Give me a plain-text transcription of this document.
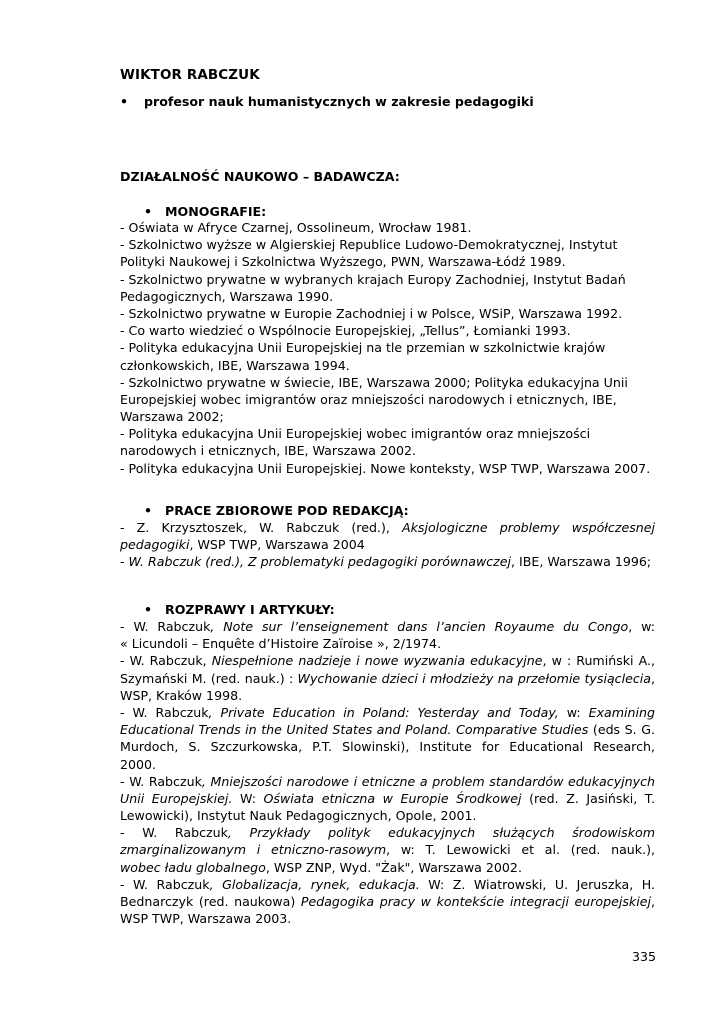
WIKTOR RABCZUK
• profesor nauk humanistycznych w zakresie pedagogiki
DZIAŁALNOŚĆ NAUKOWO – BADAWCZA:
• MONOGRAFIE:
- Oświata w Afryce Czarnej, Ossolineum, Wrocław 1981.
- Szkolnictwo wyższe w Algierskiej Republice Ludowo-Demokratycznej, Instytut
Polityki Naukowej i Szkolnictwa Wyższego, PWN, Warszawa-Łódź 1989.
- Szkolnictwo prywatne w wybranych krajach Europy Zachodniej, Instytut Badań
Pedagogicznych, Warszawa 1990.
- Szkolnictwo prywatne w Europie Zachodniej i w Polsce, WSiP, Warszawa 1992.
- Co warto wiedzieć o Wspólnocie Europejskiej, „Tellus”, Łomianki 1993.
- Polityka edukacyjna Unii Europejskiej na tle przemian w szkolnictwie krajów
członkowskich, IBE, Warszawa 1994.
- Szkolnictwo prywatne w świecie, IBE, Warszawa 2000; Polityka edukacyjna Unii
Europejskiej wobec imigrantów oraz mniejszości narodowych i etnicznych, IBE,
Warszawa 2002;
- Polityka edukacyjna Unii Europejskiej wobec imigrantów oraz mniejszości
narodowych i etnicznych, IBE, Warszawa 2002.
- Polityka edukacyjna Unii Europejskiej. Nowe konteksty, WSP TWP, Warszawa 2007.
• PRACE ZBIOROWE POD REDAKCJĄ:
- Z. Krzysztoszek, W. Rabczuk (red.), Aksjologiczne problemy współczesnej
pedagogiki, WSP TWP, Warszawa 2004
- W. Rabczuk (red.), Z problematyki pedagogiki porównawczej, IBE, Warszawa 1996;
• ROZPRAWY I ARTYKUŁY:
- W. Rabczuk, Note sur l’enseignement dans l’ancien Royaume du Congo, w:
« Licundoli – Enquête d’Histoire Zaïroise », 2/1974.
- W. Rabczuk, Niespełnione nadzieje i nowe wyzwania edukacyjne, w : Rumiński A.,
Szymański M. (red. nauk.) : Wychowanie dzieci i młodzieży na przełomie tysiąclecia,
WSP, Kraków 1998.
- W. Rabczuk, Private Education in Poland: Yesterday and Today, w: Examining
Educational Trends in the United States and Poland. Comparative Studies (eds S. G.
Murdoch, S. Szczurkowska, P.T. Slowinski), Institute for Educational Research,
2000.
- W. Rabczuk, Mniejszości narodowe i etniczne a problem standardów edukacyjnych
Unii Europejskiej. W: Oświata etniczna w Europie Środkowej (red. Z. Jasiński, T.
Lewowicki), Instytut Nauk Pedagogicznych, Opole, 2001.
- W. Rabczuk, Przykłady polityk edukacyjnych służących środowiskom
zmarginalizowanym i etniczno-rasowym, w: T. Lewowicki et al. (red. nauk.),
wobec ładu globalnego, WSP ZNP, Wyd. "Żak", Warszawa 2002.
- W. Rabczuk, Globalizacja, rynek, edukacja. W: Z. Wiatrowski, U. Jeruszka, H.
Bednarczyk (red. naukowa) Pedagogika pracy w kontekście integracji europejskiej,
WSP TWP, Warszawa 2003.
335
